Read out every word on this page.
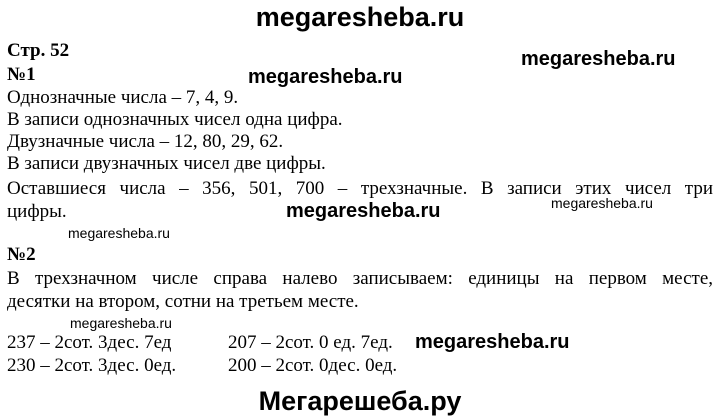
megaresheba.ru
megaresheba.ru
megaresheba.ru
megaresheba.ru	megaresheba.ru
megaresheba.ru
megaresheba.ru
megaresheba.ru
Мегарешеба.ру
Стр. 52
№1
Однозначные числа – 7, 4, 9.
В записи однозначных чисел одна цифра.
Двузначные числа – 12, 80, 29, 62.
В записи двузначных чисел две цифры.
Оставшиеся числа – 356, 501, 700 – трехзначные. В записи этих чисел три
цифры.
№2
В трехзначном числе справа налево записываем: единицы на первом месте,
десятки на втором, сотни на третьем месте.
237 – 2сот. 3дес. 7ед	207 – 2сот. 0 ед. 7ед.
230 – 2сот. 3дес. 0ед.	200 – 2сот. 0дес. 0ед.
